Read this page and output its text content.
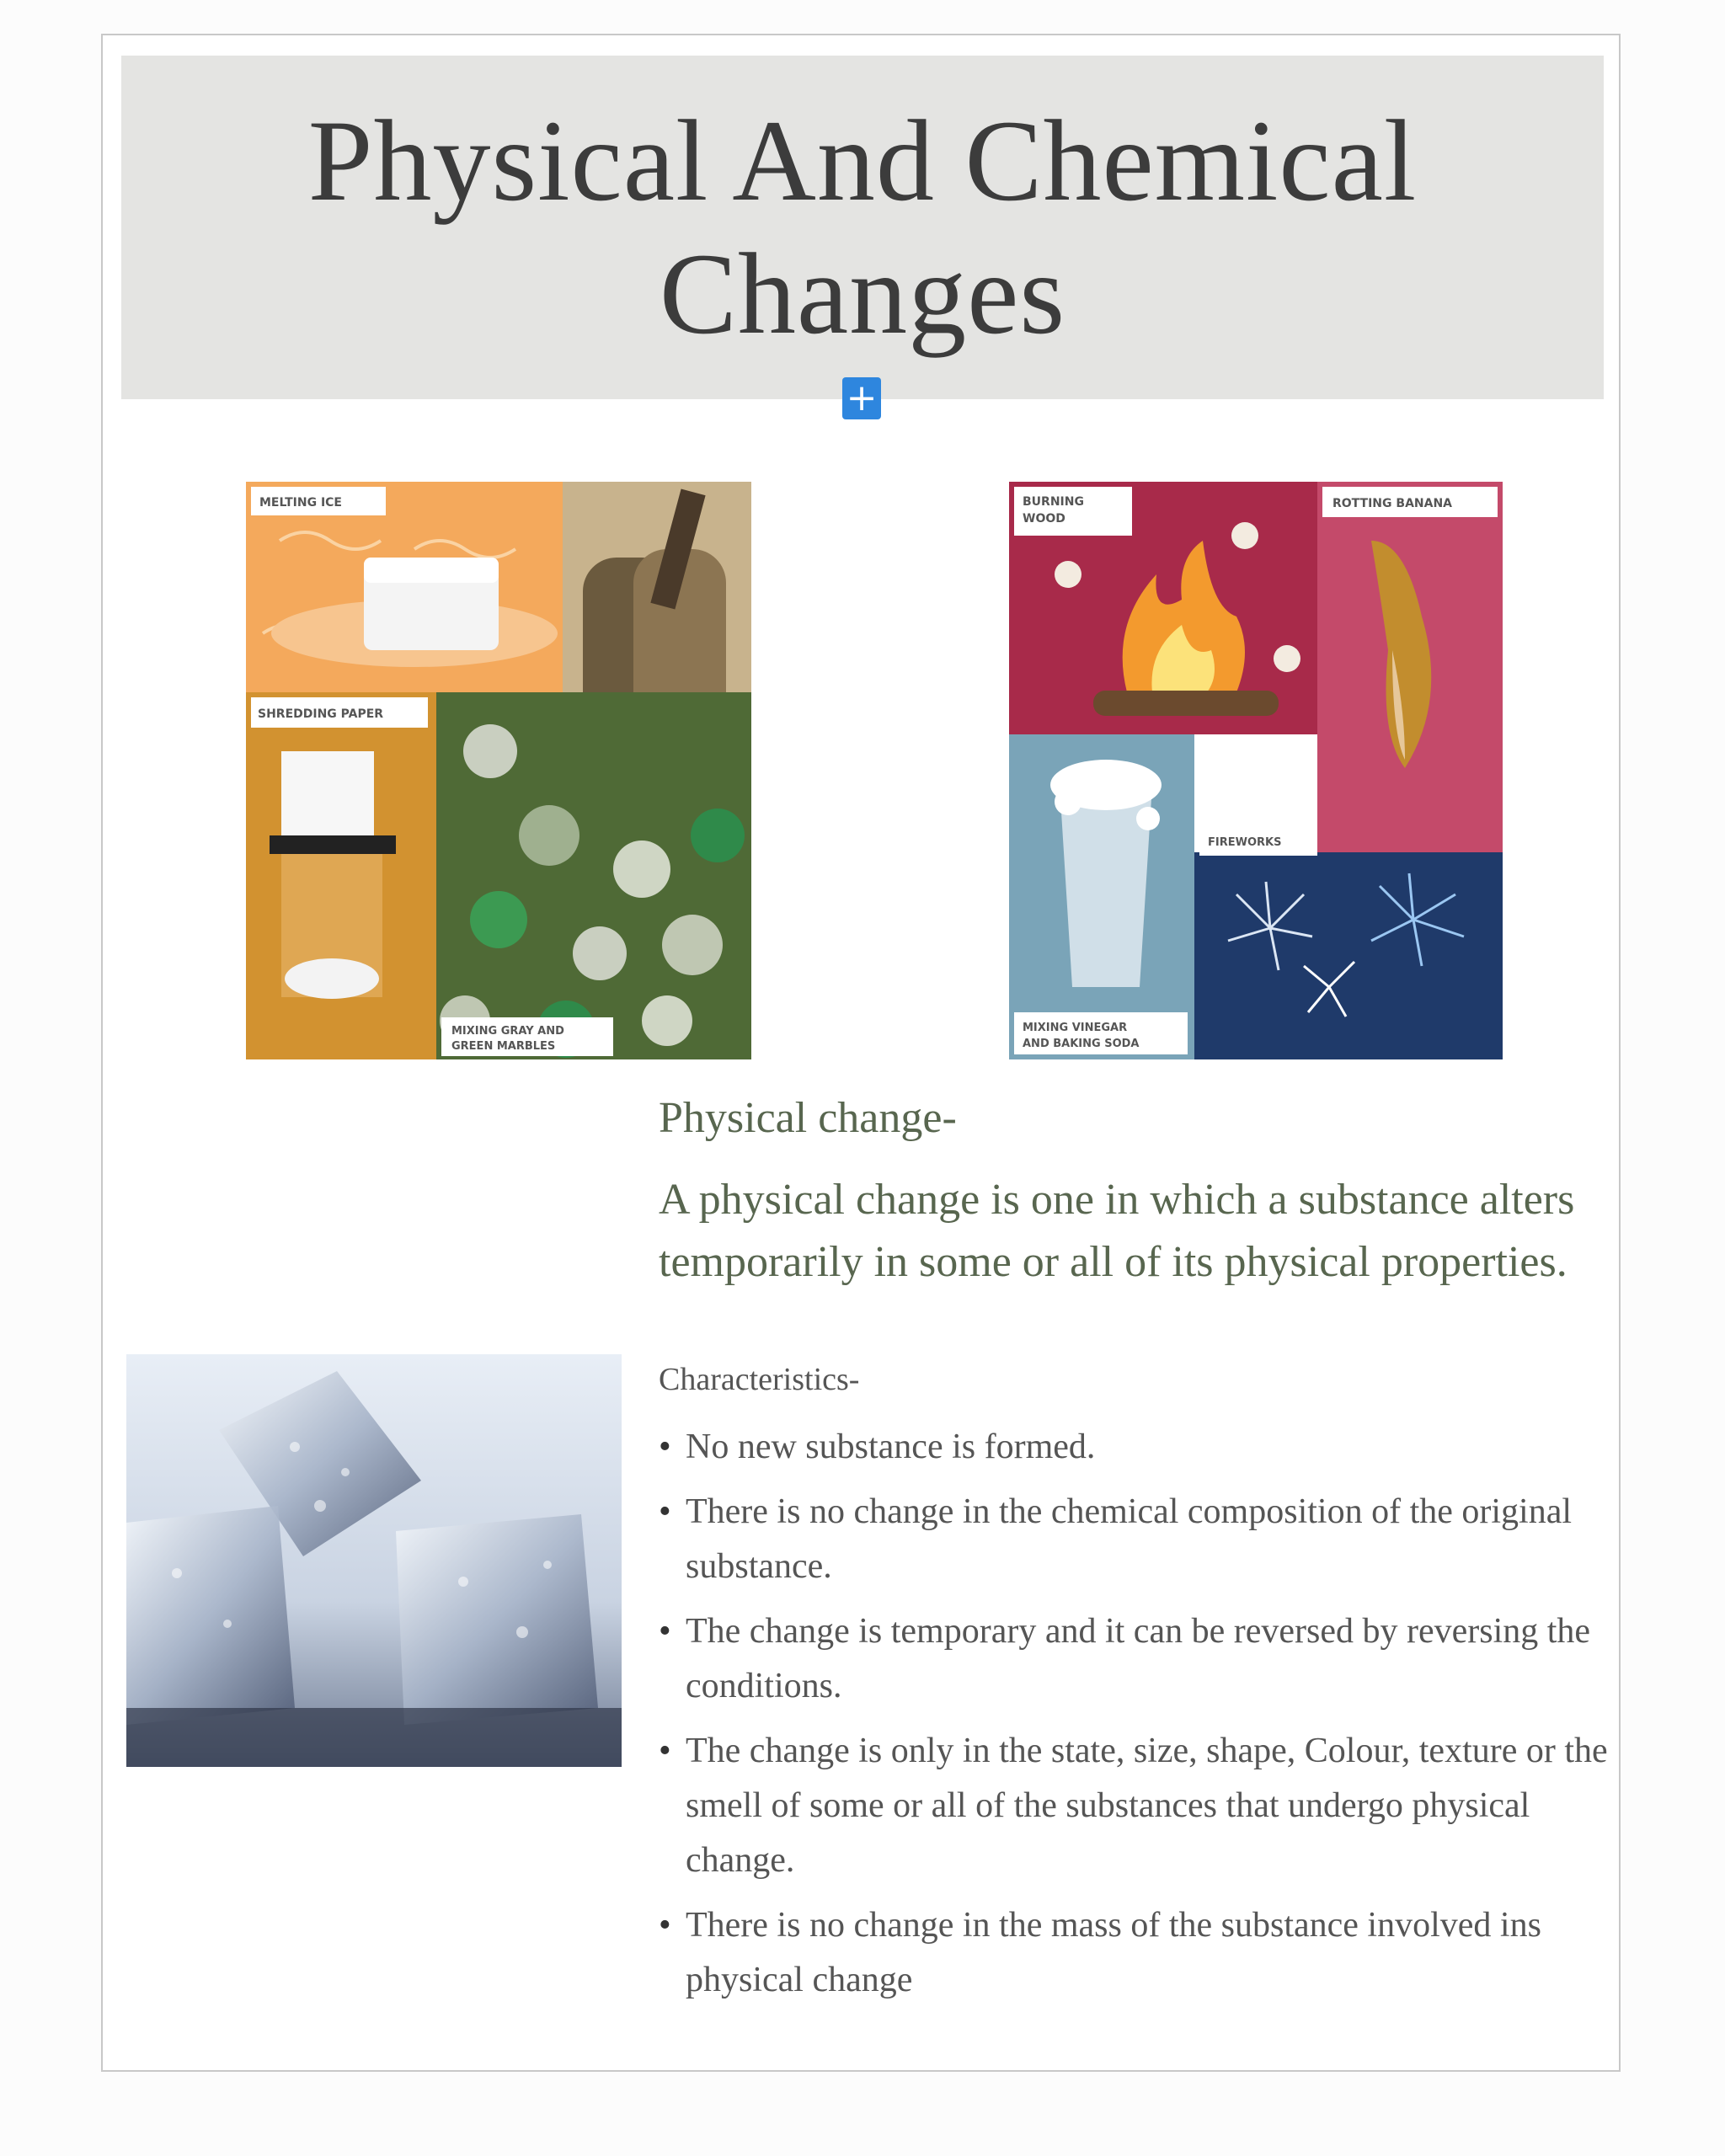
Physical And Chemical
Changes
+
MELTING ICE
SHREDDING PAPER
MIXING GRAY AND
GREEN MARBLES
BURNING
WOOD
ROTTING BANANA
MIXING VINEGAR
AND BAKING SODA
FIREWORKS
Physical change-
A physical change is one in which a substance alters temporarily in some or all of its physical properties.
Characteristics-
• No new substance is formed.
• There is no change in the chemical composition of the original substance.
• The change is temporary and it can be reversed by reversing the conditions.
• The change is only in the state, size, shape, Colour, texture or the smell of some or all of the substances that undergo physical change.
• There is no change in the mass of the substance involved ins physical change
